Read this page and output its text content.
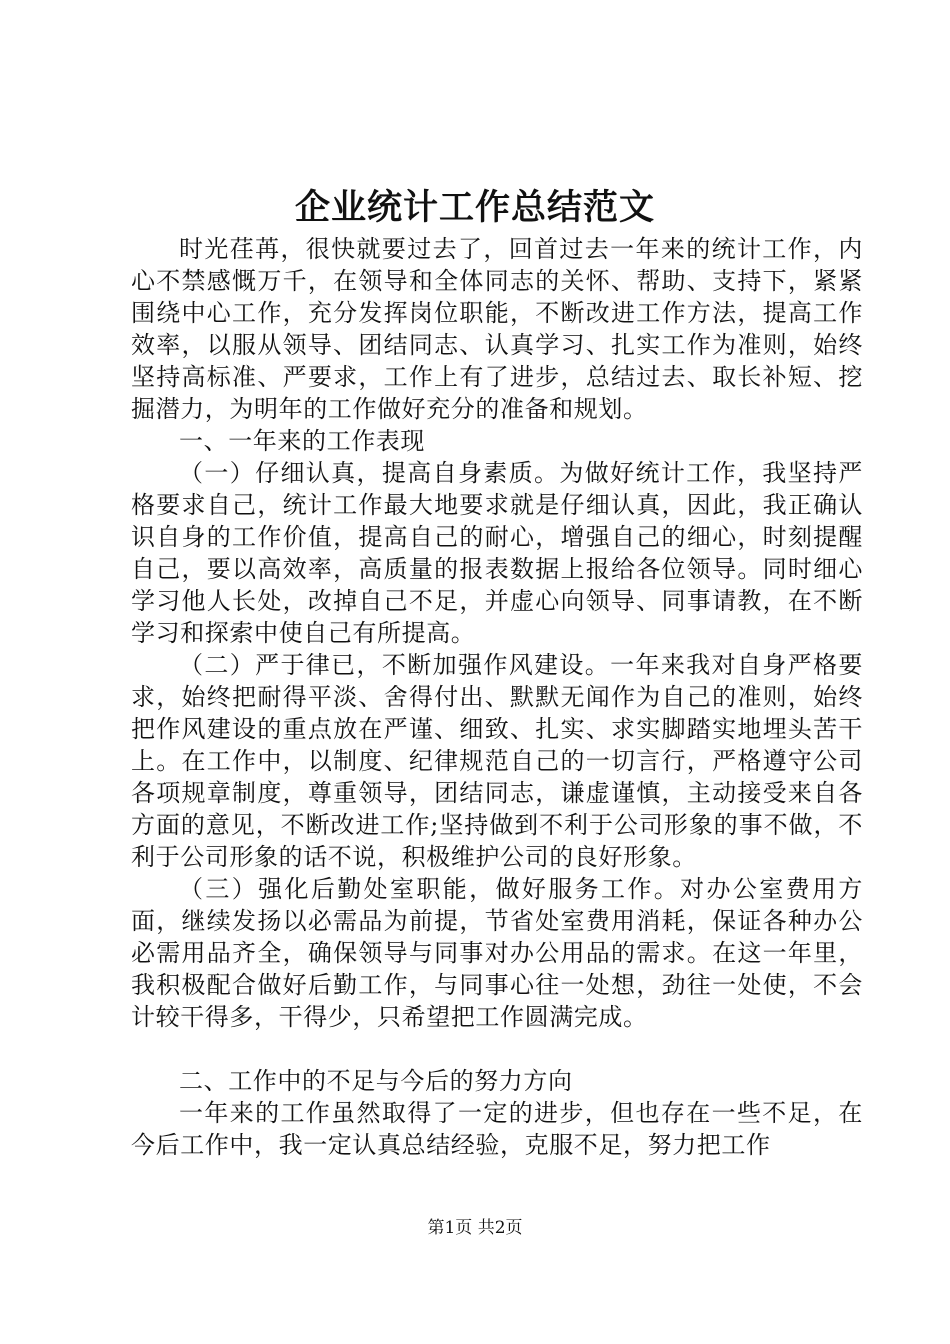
企业统计工作总结范文

时光荏苒，很快就要过去了，回首过去一年来的统计工作，内心不禁感慨万千，在领导和全体同志的关怀、帮助、支持下，紧紧围绕中心工作，充分发挥岗位职能，不断改进工作方法，提高工作效率，以服从领导、团结同志、认真学习、扎实工作为准则，始终坚持高标准、严要求，工作上有了进步，总结过去、取长补短、挖掘潜力，为明年的工作做好充分的准备和规划。

一、一年来的工作表现

（一）仔细认真，提高自身素质。为做好统计工作，我坚持严格要求自己，统计工作最大地要求就是仔细认真，因此，我正确认识自身的工作价值，提高自己的耐心，增强自己的细心，时刻提醒自己，要以高效率，高质量的报表数据上报给各位领导。同时细心学习他人长处，改掉自己不足，并虚心向领导、同事请教，在不断学习和探索中使自己有所提高。

（二）严于律已，不断加强作风建设。一年来我对自身严格要求，始终把耐得平淡、舍得付出、默默无闻作为自己的准则，始终把作风建设的重点放在严谨、细致、扎实、求实脚踏实地埋头苦干上。在工作中，以制度、纪律规范自己的一切言行，严格遵守公司各项规章制度，尊重领导，团结同志，谦虚谨慎，主动接受来自各方面的意见，不断改进工作;坚持做到不利于公司形象的事不做，不利于公司形象的话不说，积极维护公司的良好形象。

（三）强化后勤处室职能，做好服务工作。对办公室费用方面，继续发扬以必需品为前提，节省处室费用消耗，保证各种办公必需用品齐全，确保领导与同事对办公用品的需求。在这一年里，我积极配合做好后勤工作，与同事心往一处想，劲往一处使，不会计较干得多，干得少，只希望把工作圆满完成。

二、工作中的不足与今后的努力方向

一年来的工作虽然取得了一定的进步，但也存在一些不足，在今后工作中，我一定认真总结经验，克服不足，努力把工作

第1页 共2页
